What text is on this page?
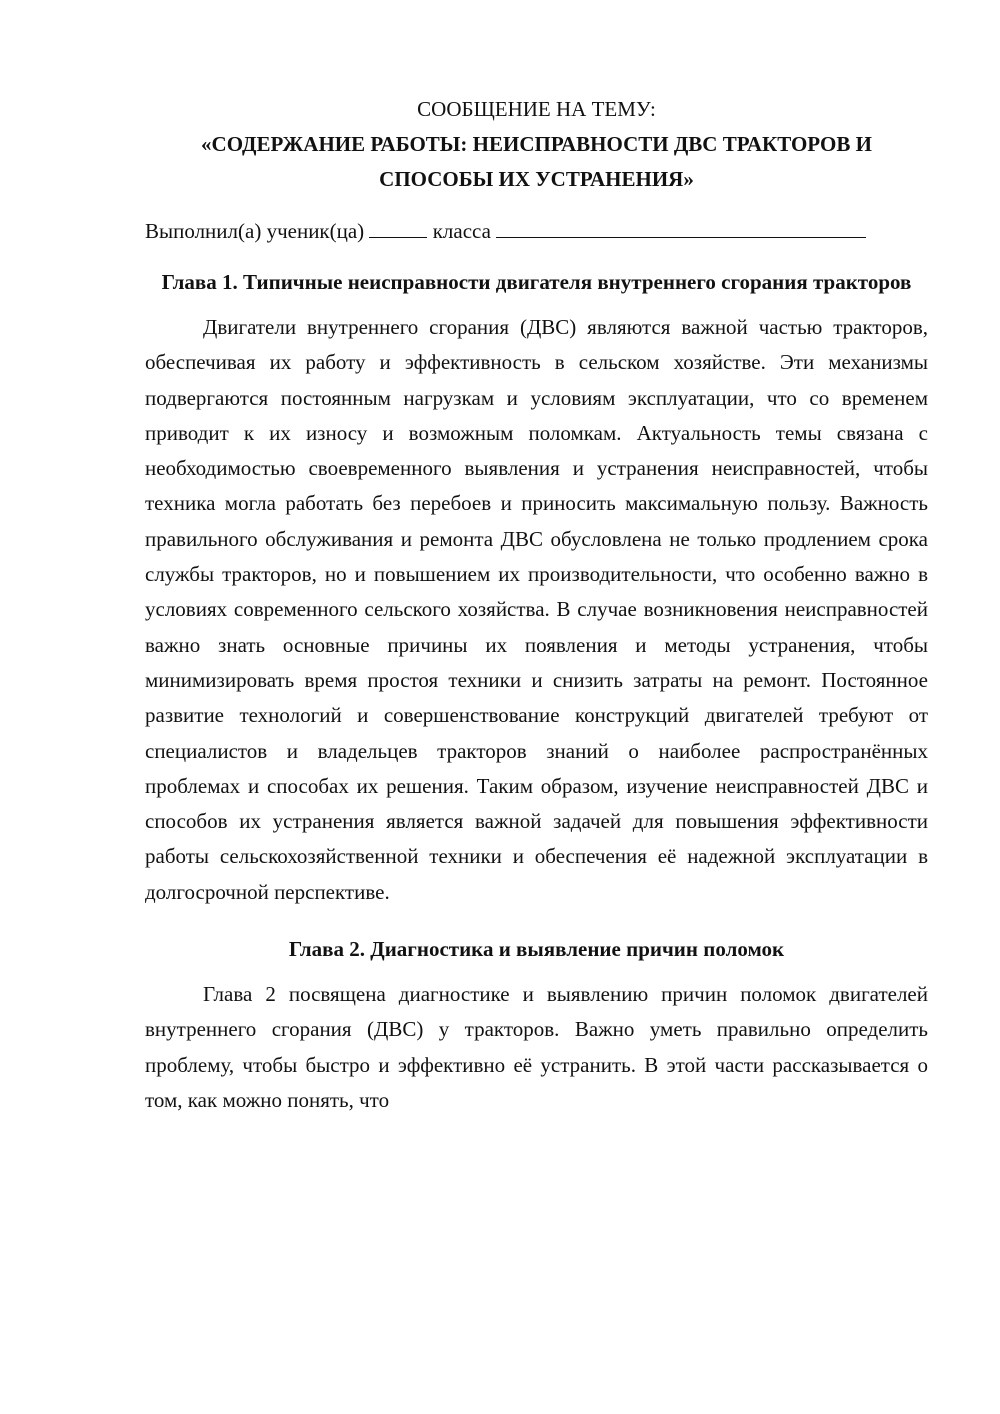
СООБЩЕНИЕ НА ТЕМУ:

«СОДЕРЖАНИЕ РАБОТЫ: НЕИСПРАВНОСТИ ДВС ТРАКТОРОВ И СПОСОБЫ ИХ УСТРАНЕНИЯ»

Выполнил(а) ученик(ца)	класса

Глава 1. Типичные неисправности двигателя внутреннего сгорания тракторов

Двигатели внутреннего сгорания (ДВС) являются важной частью тракторов, обеспечивая их работу и эффективность в сельском хозяйстве. Эти механизмы подвергаются постоянным нагрузкам и условиям эксплуатации, что со временем приводит к их износу и возможным поломкам. Актуальность темы связана с необходимостью своевременного выявления и устранения неисправностей, чтобы техника могла работать без перебоев и приносить максимальную пользу. Важность правильного обслуживания и ремонта ДВС обусловлена не только продлением срока службы тракторов, но и повышением их производительности, что особенно важно в условиях современного сельского хозяйства. В случае возникновения неисправностей важно знать основные причины их появления и методы устранения, чтобы минимизировать время простоя техники и снизить затраты на ремонт. Постоянное развитие технологий и совершенствование конструкций двигателей требуют от специалистов и владельцев тракторов знаний о наиболее распространённых проблемах и способах их решения. Таким образом, изучение неисправностей ДВС и способов их устранения является важной задачей для повышения эффективности работы сельскохозяйственной техники и обеспечения её надежной эксплуатации в долгосрочной перспективе.

Глава 2. Диагностика и выявление причин поломок

Глава 2 посвящена диагностике и выявлению причин поломок двигателей внутреннего сгорания (ДВС) у тракторов. Важно уметь правильно определить проблему, чтобы быстро и эффективно её устранить. В этой части рассказывается о том, как можно понять, что
